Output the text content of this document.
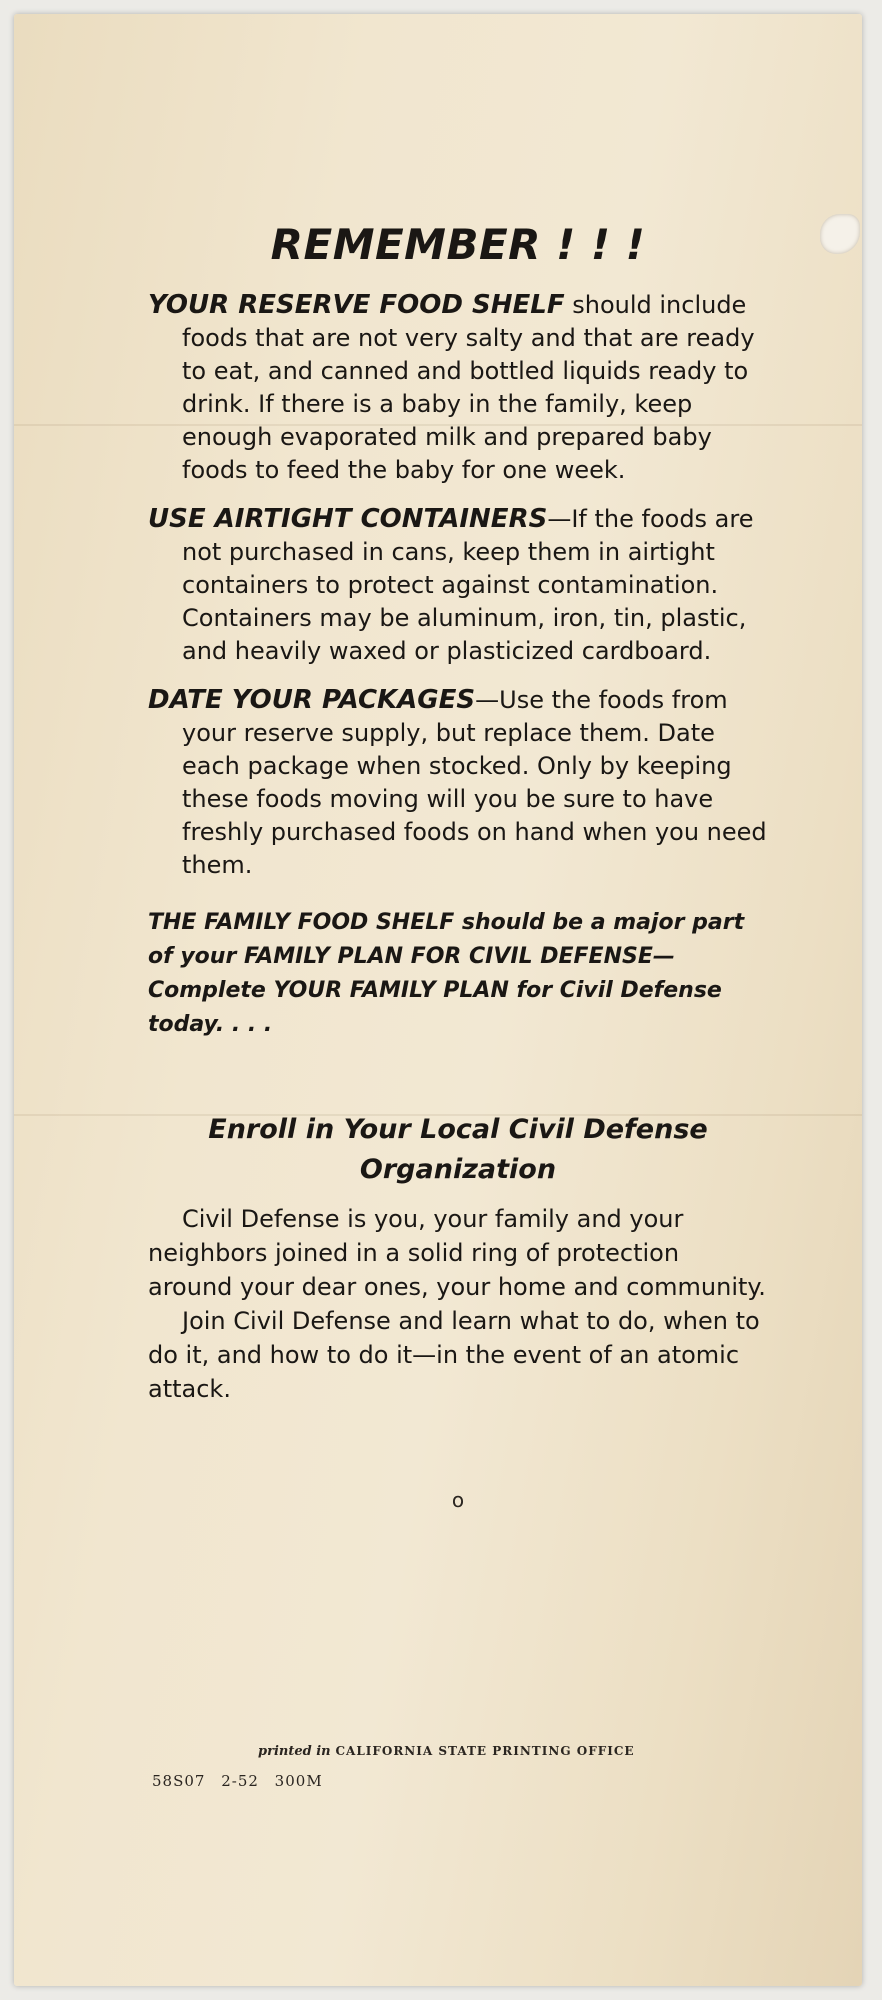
REMEMBER ! ! !

YOUR RESERVE FOOD SHELF should include foods that are not very salty and that are ready to eat, and canned and bottled liquids ready to drink. If there is a baby in the family, keep enough evaporated milk and prepared baby foods to feed the baby for one week.

USE AIRTIGHT CONTAINERS—If the foods are not purchased in cans, keep them in airtight containers to protect against contamination. Containers may be aluminum, iron, tin, plastic, and heavily waxed or plasticized cardboard.

DATE YOUR PACKAGES—Use the foods from your reserve supply, but replace them. Date each package when stocked. Only by keeping these foods moving will you be sure to have freshly purchased foods on hand when you need them.

THE FAMILY FOOD SHELF should be a major part of your FAMILY PLAN FOR CIVIL DEFENSE—Complete YOUR FAMILY PLAN for Civil Defense today. . . .

Enroll in Your Local Civil Defense Organization

Civil Defense is you, your family and your neighbors joined in a solid ring of protection around your dear ones, your home and community.

Join Civil Defense and learn what to do, when to do it, and how to do it—in the event of an atomic attack.

o

printed in CALIFORNIA STATE PRINTING OFFICE
58S07 2-52 300M
